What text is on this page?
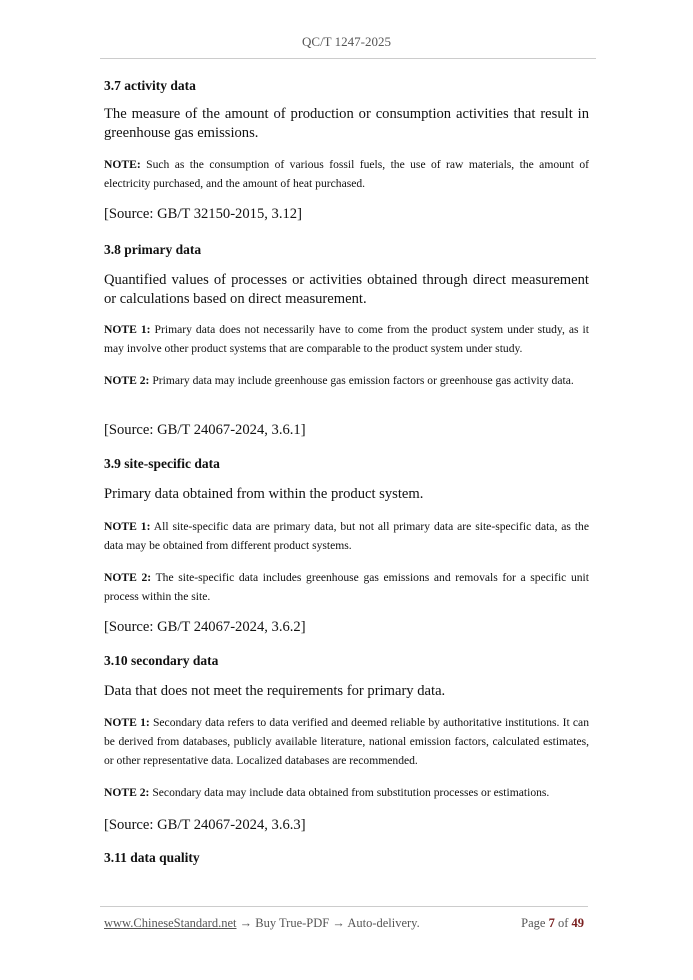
QC/T 1247-2025
3.7 activity data

The measure of the amount of production or consumption activities that result in greenhouse gas emissions.

NOTE: Such as the consumption of various fossil fuels, the use of raw materials, the amount of electricity purchased, and the amount of heat purchased.

[Source: GB/T 32150-2015, 3.12]

3.8 primary data

Quantified values of processes or activities obtained through direct measurement or calculations based on direct measurement.

NOTE 1: Primary data does not necessarily have to come from the product system under study, as it may involve other product systems that are comparable to the product system under study.

NOTE 2: Primary data may include greenhouse gas emission factors or greenhouse gas activity data.

[Source: GB/T 24067-2024, 3.6.1]

3.9 site-specific data

Primary data obtained from within the product system.

NOTE 1: All site-specific data are primary data, but not all primary data are site-specific data, as the data may be obtained from different product systems.

NOTE 2: The site-specific data includes greenhouse gas emissions and removals for a specific unit process within the site.

[Source: GB/T 24067-2024, 3.6.2]

3.10 secondary data

Data that does not meet the requirements for primary data.

NOTE 1: Secondary data refers to data verified and deemed reliable by authoritative institutions. It can be derived from databases, publicly available literature, national emission factors, calculated estimates, or other representative data. Localized databases are recommended.

NOTE 2: Secondary data may include data obtained from substitution processes or estimations.

[Source: GB/T 24067-2024, 3.6.3]

3.11 data quality
www.ChineseStandard.net → Buy True-PDF → Auto-delivery.	Page 7 of 49
